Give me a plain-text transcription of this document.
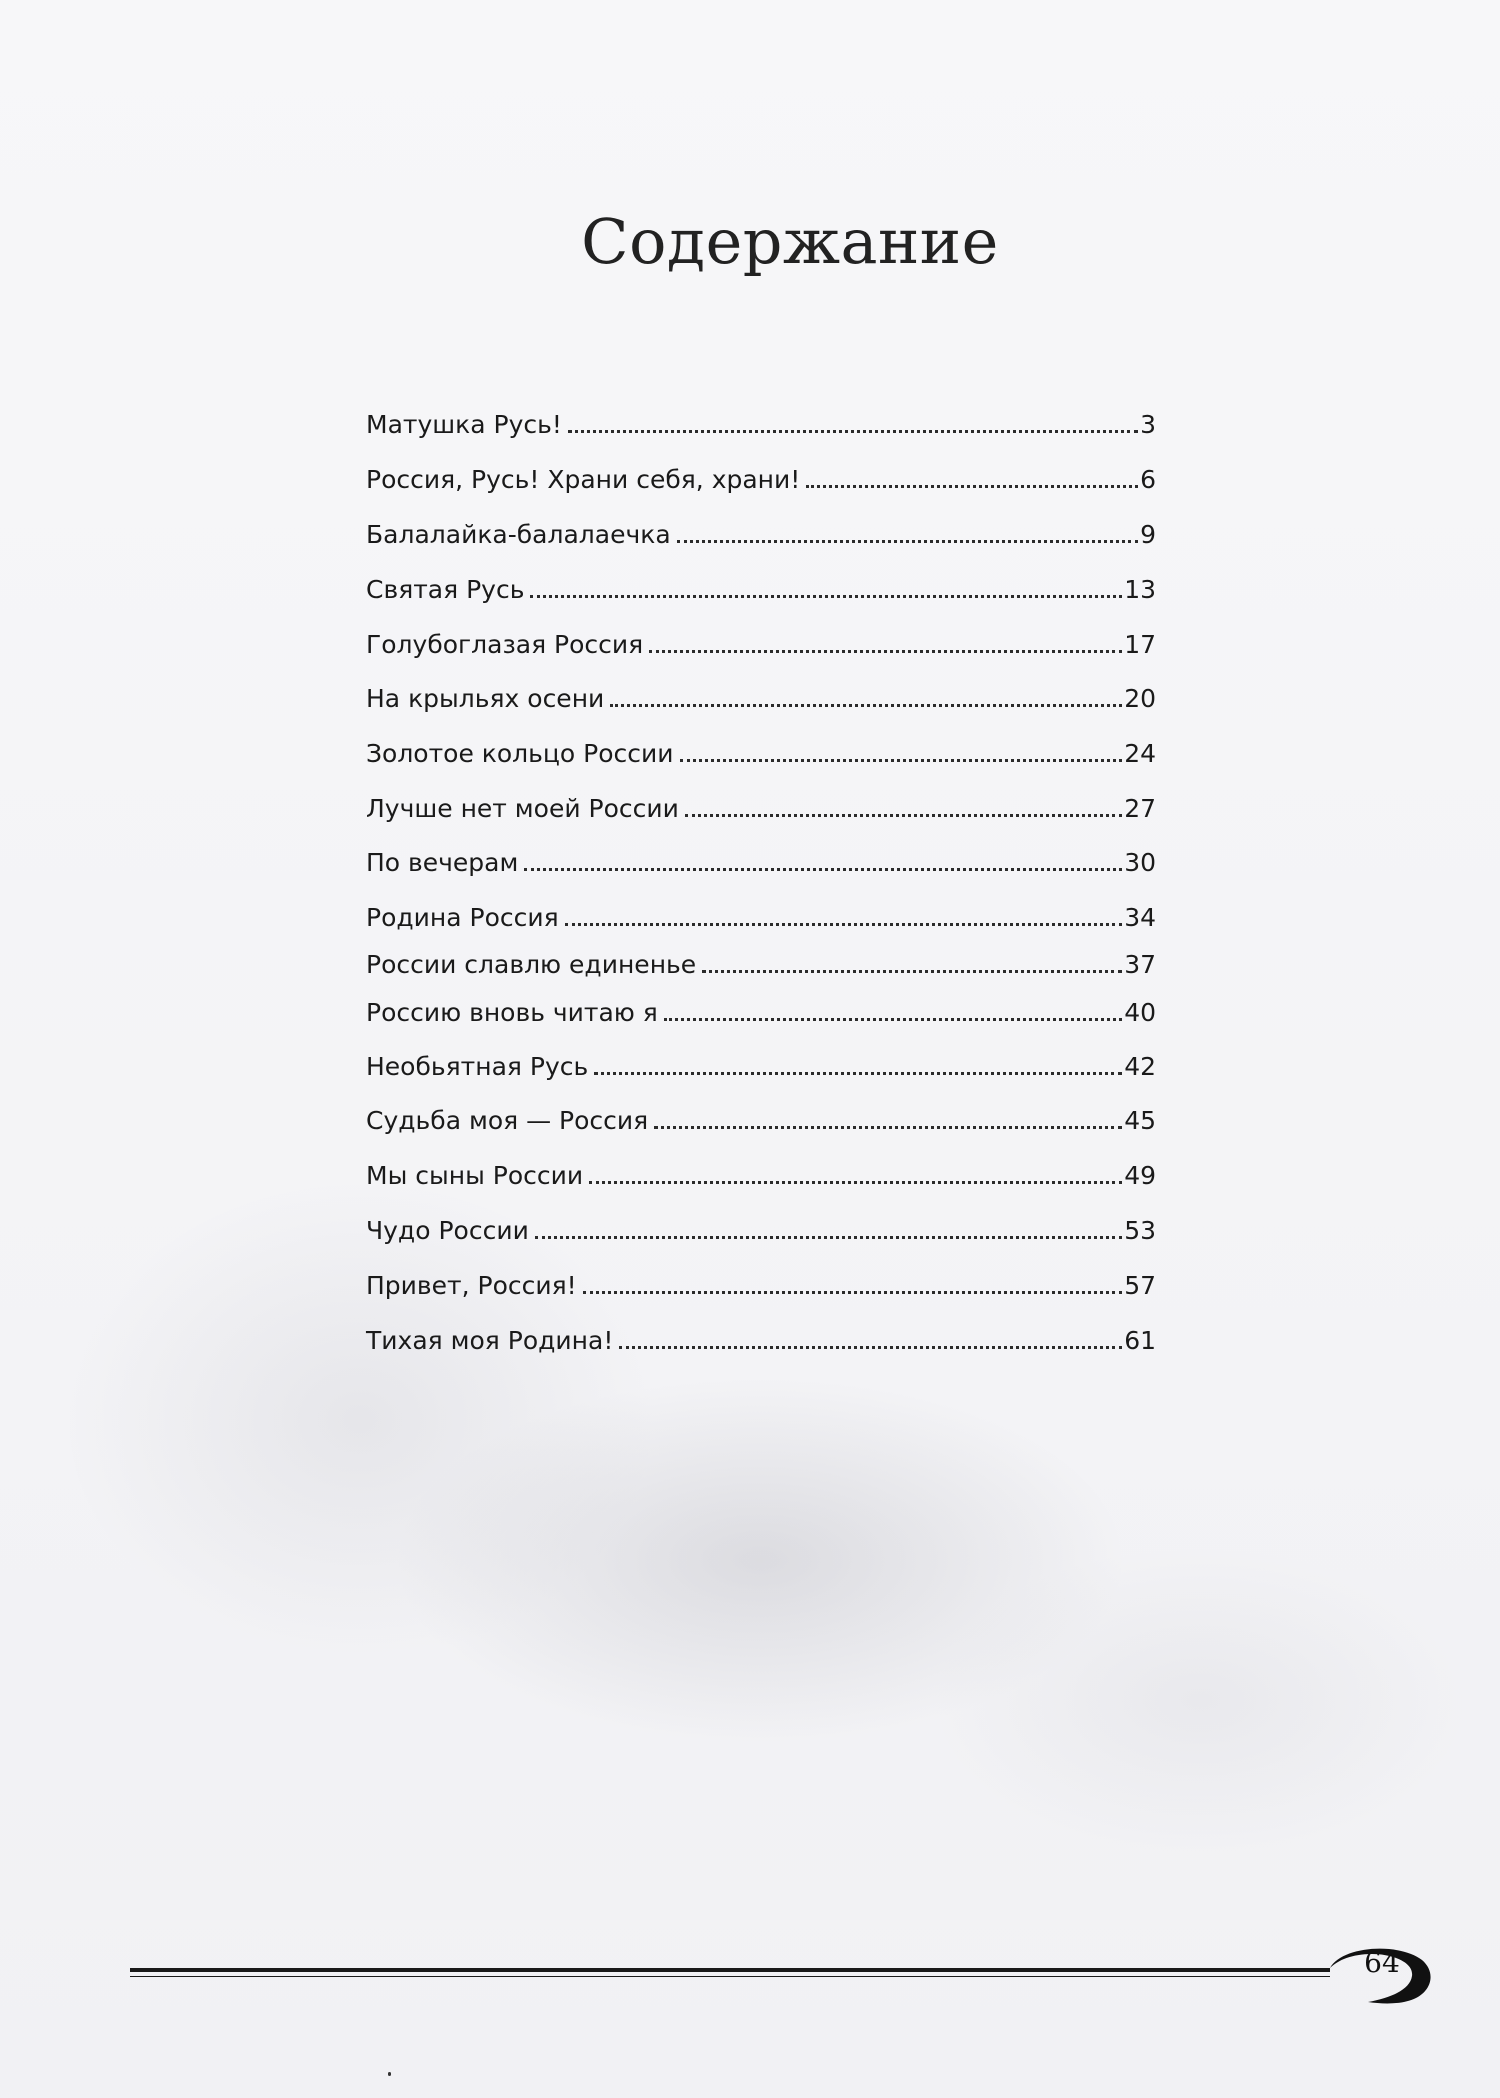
Содержание
Матушка Русь!	3
Россия, Русь! Храни себя, храни!	6
Балалайка-балалаечка	9
Святая Русь	13
Голубоглазая Россия	17
На крыльях осени	20
Золотое кольцо России	24
Лучше нет моей России	27
По вечерам	30
Родина Россия	34
России славлю единенье	37
Россию вновь читаю я	40
Необьятная Русь	42
Судьба моя — Россия	45
Мы сыны России	49
Чудо России	53
Привет, Россия!	57
Тихая моя Родина!	61
64
